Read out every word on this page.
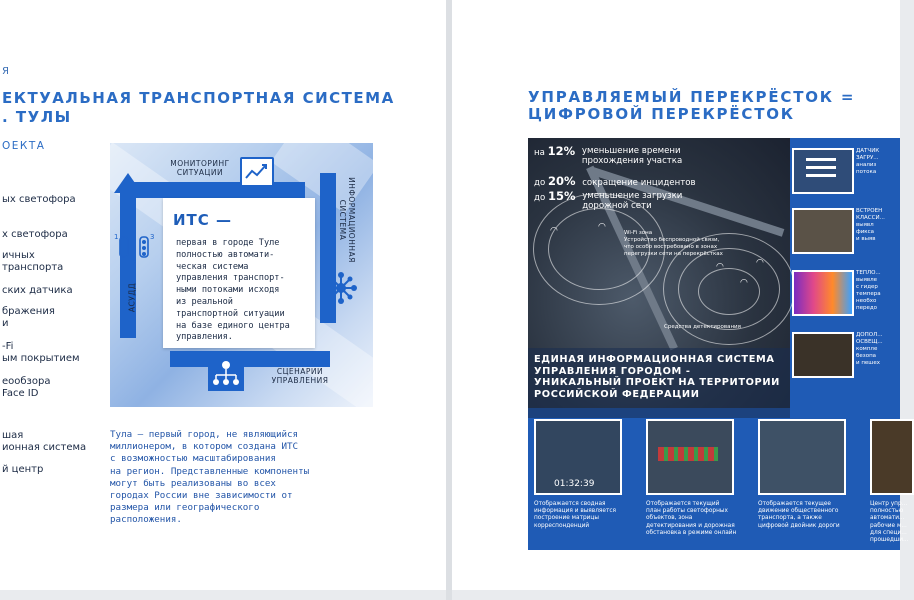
Я
ЕКТУАЛЬНАЯ ТРАНСПОРТНАЯ СИСТЕМА
. ТУЛЫ
ОЕКТА
ых светофора
х светофора
ичных
транспорта
ских датчика
бражения
и
-Fi
ым покрытием
еообзора
Face ID
шая
ионная система
й центр
МОНИТОРИНГ СИТУАЦИИ
ИНФОРМАЦИОННАЯ СИСТЕМА
СЦЕНАРИИ УПРАВЛЕНИЯ
АСУДД
1	3
2
ИТС —
первая в городе Туле
полностью автомати-
ческая система
управления транспорт-
ными потоками исходя
из реальной
транспортной ситуации
на базе единого центра
управления.
Тула — первый город, не являющийся
миллионером, в котором создана ИТС
с возможностью масштабирования
на регион. Представленные компоненты
могут быть реализованы во всех
городах России вне зависимости от
размера или географического
расположения.
УПРАВЛЯЕМЫЙ ПЕРЕКРЁСТОК =
ЦИФРОВОЙ ПЕРЕКРЁСТОК
◠	◠
◠
◠
◠
на 12% уменьшение времени
прохождения участка
до 20% сокращение инцидентов
до 15% уменьшение загрузки
дорожной сети
Wi-Fi зона
Устройство беспроводной связи,
что особо востребовано в зонах
перегрузки сети на перекрёстках
Средства детектирования
ЕДИНАЯ ИНФОРМАЦИОННАЯ СИСТЕМА
УПРАВЛЕНИЯ ГОРОДОМ -
УНИКАЛЬНЫЙ ПРОЕКТ НА ТЕРРИТОРИИ
РОССИЙСКОЙ ФЕДЕРАЦИИ
ДАТЧИК
ЗАГРУ...
анализ
потока
ВСТРОЕН
КЛАССИ...
выявл
фикса
и выяв
ТЕПЛО...
выявле
с гидер
темпера
необхо
передо
ДОПОЛ...
ОСВЕЩ...
компле
безопа
и пешех
01:32:39
Отображается сводная
информация и выявляется
построение матрицы
корреспонденций
Отображается текущий
план работы светофорных
объектов, зона
детектирования и дорожная
обстановка в режиме онлайн
Отображается текущее
движение общественного
транспорта, а также
цифровой двойник дороги
Центр упр...
полностью
автомати...
рабочие м...
для специ...
прошедши...
